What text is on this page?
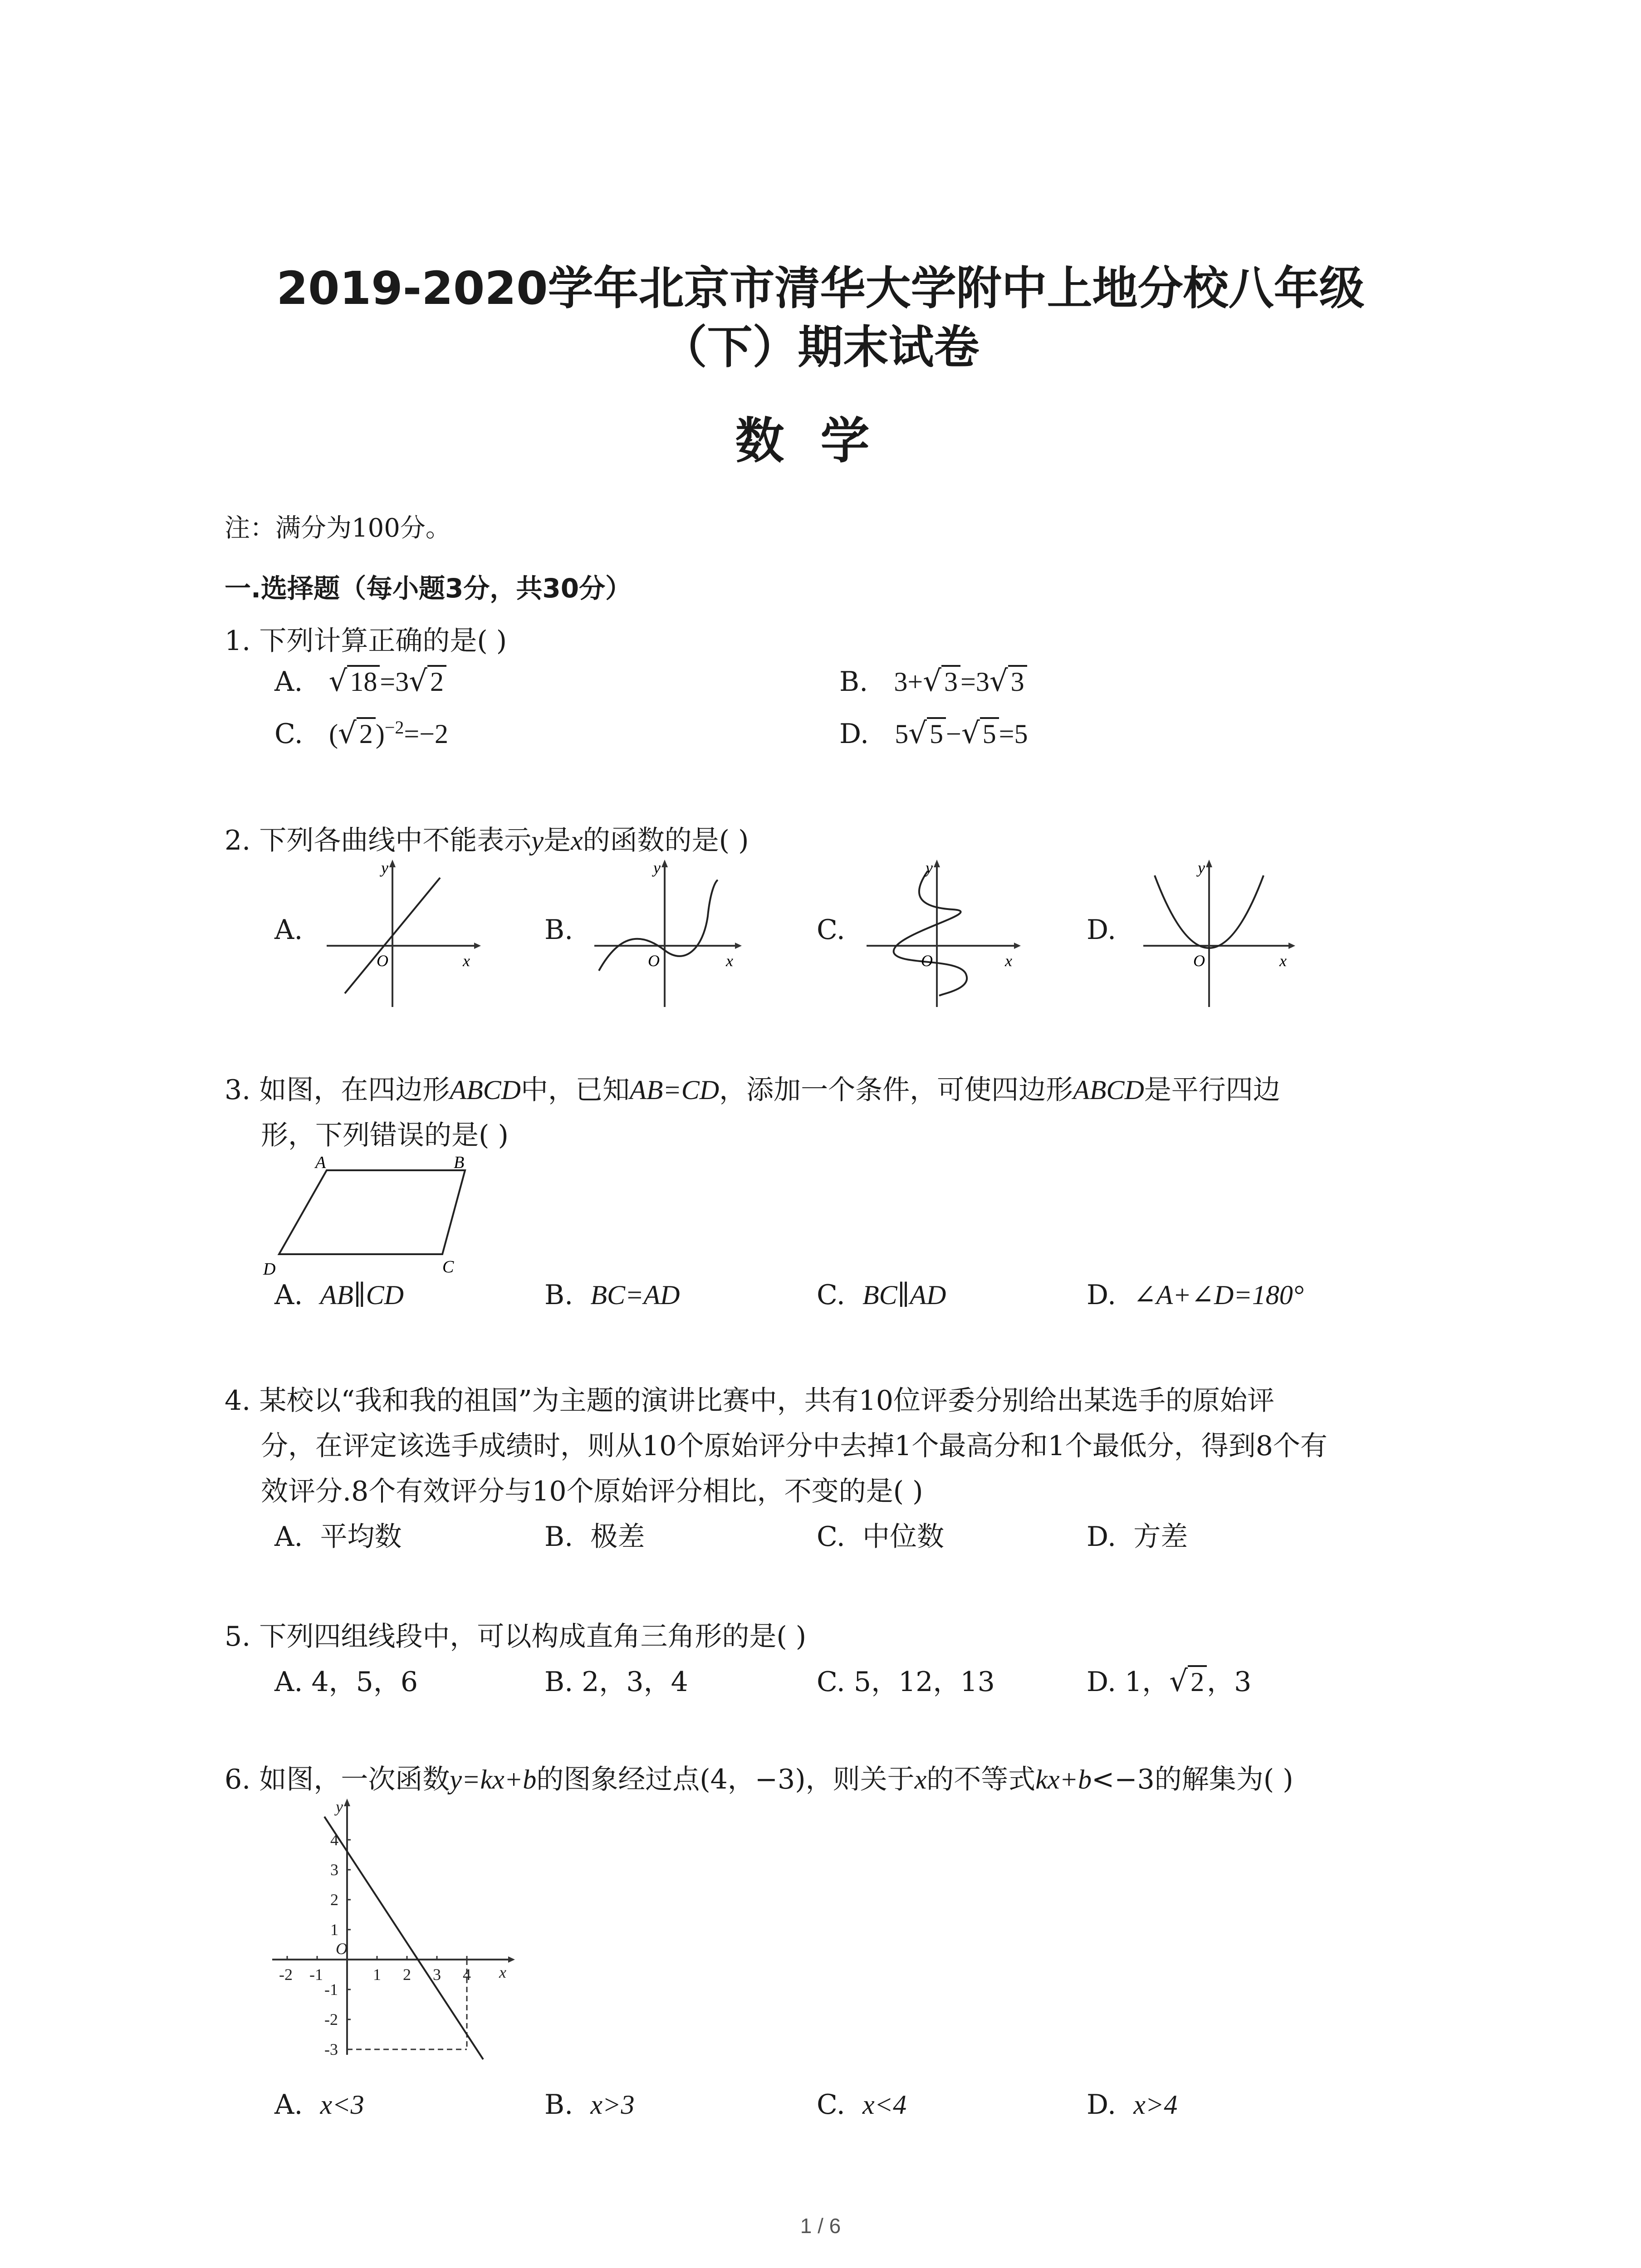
2019-2020学年北京市清华大学附中上地分校八年级
（下）期末试卷
数学
注：满分为100分。
一.选择题（每小题3分，共30分）
1. 下列计算正确的是( )
A. √ 18 =3√ 2	B. 3+√ 3 =3√ 3
C. (√ 2 )$^{-2}$=−2	D. 5√ 5 −√ 5 =5
2. 下列各曲线中不能表示y是x的函数的是( )
A.	B.	C.	D.
y
x
O
y
x
O
y
x
O
y
x
O
3. 如图，在四边形ABCD中，已知AB=CD，添加一个条件，可使四边形ABCD是平行四边
形，下列错误的是( )
A	B
C
D
A. AB∥CD	B. BC=AD	C. BC∥AD	D. ∠A+∠D=180°
4. 某校以“我和我的祖国”为主题的演讲比赛中，共有10位评委分别给出某选手的原始评
分，在评定该选手成绩时，则从10个原始评分中去掉1个最高分和1个最低分，得到8个有
效评分.8个有效评分与10个原始评分相比，不变的是( )
A. 平均数	B. 极差	C. 中位数	D. 方差
5. 下列四组线段中，可以构成直角三角形的是( )
A. 4，5，6	B. 2，3，4	C. 5，12，13	D. 1，√ 2 ，3
6. 如图，一次函数y=kx+b的图象经过点(4，−3)，则关于x的不等式kx+b<−3的解集为( )
-2 -1	1 2 3 4
4
3
2
1
-1
-2
-3
y
x
O
A. x<3	B. x>3	C. x<4	D. x>4
1 / 6
